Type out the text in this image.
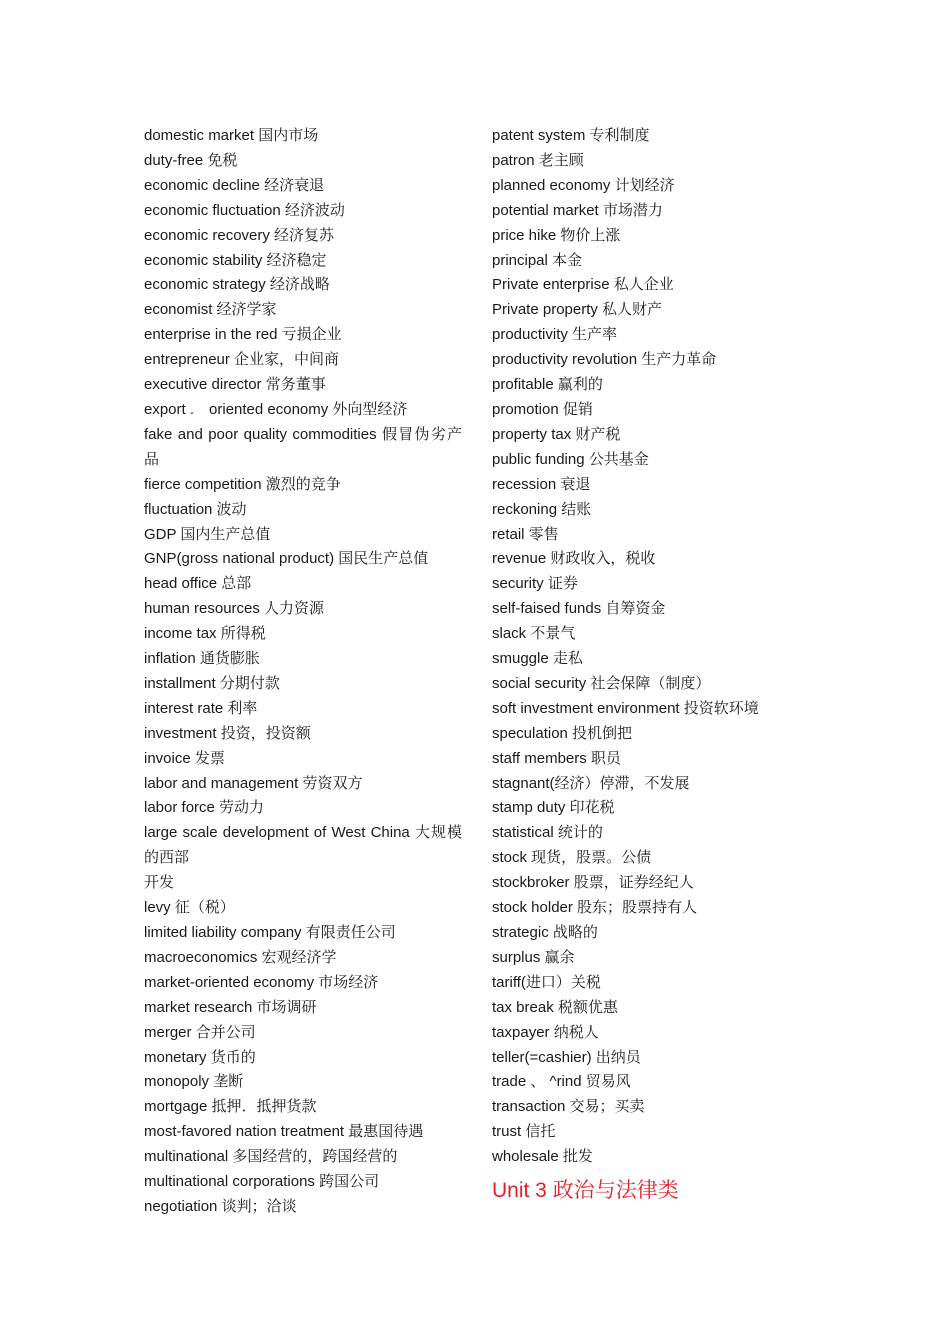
domestic market 国内市场
duty-free 免税
economic decline 经济衰退
economic fluctuation 经济波动
economic recovery 经济复苏
economic stability 经济稳定
economic strategy 经济战略
economist 经济学家
enterprise in the red 亏损企业
entrepreneur 企业家，中间商
executive director 常务董事
export .　oriented economy 外向型经济
fake and poor quality commodities 假冒伪劣产品
fierce competition 激烈的竞争
fluctuation 波动
GDP 国内生产总值
GNP(gross national product) 国民生产总值
head office 总部
human resources 人力资源
income tax 所得税
inflation 通货膨胀
installment 分期付款
interest rate 利率
investment 投资，投资额
invoice 发票
labor and management 劳资双方
labor force 劳动力
large scale development of West China 大规模的西部
开发
levy 征（税）
limited liability company 有限责任公司
macroeconomics 宏观经济学
market-oriented economy 市场经济
market research 市场调研
merger 合并公司
monetary 货币的
monopoly 垄断
mortgage 抵押．抵押货款
most-favored nation treatment 最惠国待遇
multinational 多国经营的，跨国经营的
multinational corporations 跨国公司
negotiation 谈判；洽谈
patent system 专利制度
patron 老主顾
planned economy 计划经济
potential market 市场潜力
price hike 物价上涨
principal 本金
Private enterprise 私人企业
Private property 私人财产
productivity 生产率
productivity revolution 生产力革命
profitable 赢利的
promotion 促销
property tax 财产税
public funding 公共基金
recession 衰退
reckoning 结账
retail 零售
revenue 财政收入，税收
security 证券
self-faised funds 自筹资金
slack 不景气
smuggle 走私
social security 社会保障（制度）
soft investment environment 投资软环境
speculation 投机倒把
staff members 职员
stagnant(经济）停滞，不发展
stamp duty 印花税
statistical 统计的
stock 现货，股票。公债
stockbroker 股票，证券经纪人
stock holder 股东；股票持有人
strategic 战略的
surplus 赢余
tariff(进口）关税
tax break 税额优惠
taxpayer 纳税人
teller(=cashier) 出纳员
trade 、 ^rind 贸易风
transaction 交易；买卖
trust 信托
wholesale 批发
Unit 3 政治与法律类
